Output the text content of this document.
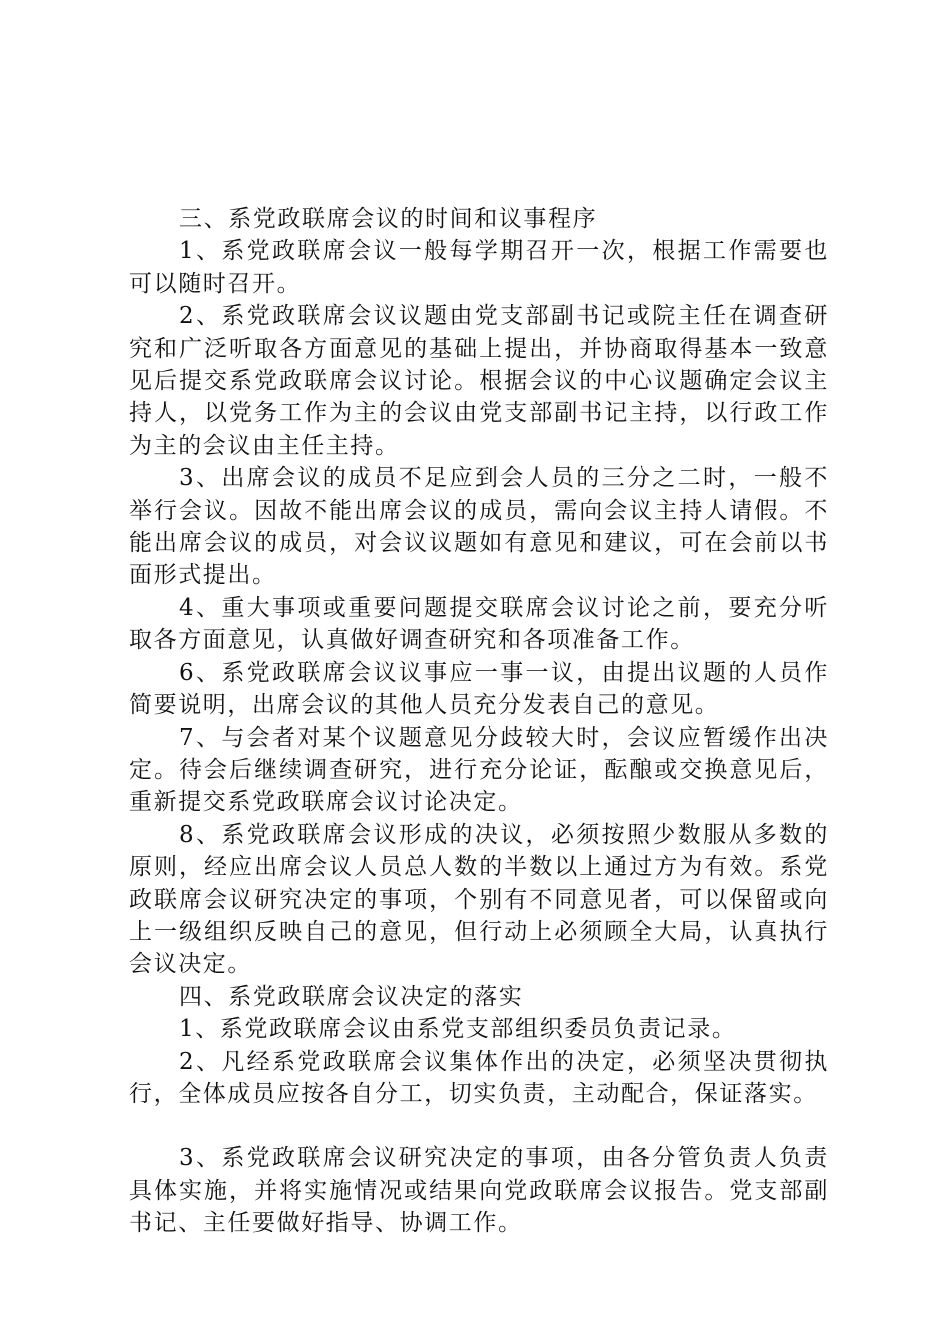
三、系党政联席会议的时间和议事程序

1、系党政联席会议一般每学期召开一次，根据工作需要也可以随时召开。

2、系党政联席会议议题由党支部副书记或院主任在调查研究和广泛听取各方面意见的基础上提出，并协商取得基本一致意见后提交系党政联席会议讨论。根据会议的中心议题确定会议主持人，以党务工作为主的会议由党支部副书记主持，以行政工作为主的会议由主任主持。

3、出席会议的成员不足应到会人员的三分之二时，一般不举行会议。因故不能出席会议的成员，需向会议主持人请假。不能出席会议的成员，对会议议题如有意见和建议，可在会前以书面形式提出。

4、重大事项或重要问题提交联席会议讨论之前，要充分听取各方面意见，认真做好调查研究和各项准备工作。

6、系党政联席会议议事应一事一议，由提出议题的人员作简要说明，出席会议的其他人员充分发表自己的意见。

7、与会者对某个议题意见分歧较大时，会议应暂缓作出决定。待会后继续调查研究，进行充分论证，酝酿或交换意见后，重新提交系党政联席会议讨论决定。

8、系党政联席会议形成的决议，必须按照少数服从多数的原则，经应出席会议人员总人数的半数以上通过方为有效。系党政联席会议研究决定的事项，个别有不同意见者，可以保留或向上一级组织反映自己的意见，但行动上必须顾全大局，认真执行会议决定。

四、系党政联席会议决定的落实

1、系党政联席会议由系党支部组织委员负责记录。

2、凡经系党政联席会议集体作出的决定，必须坚决贯彻执行，全体成员应按各自分工，切实负责，主动配合，保证落实。

3、系党政联席会议研究决定的事项，由各分管负责人负责具体实施，并将实施情况或结果向党政联席会议报告。党支部副书记、主任要做好指导、协调工作。
